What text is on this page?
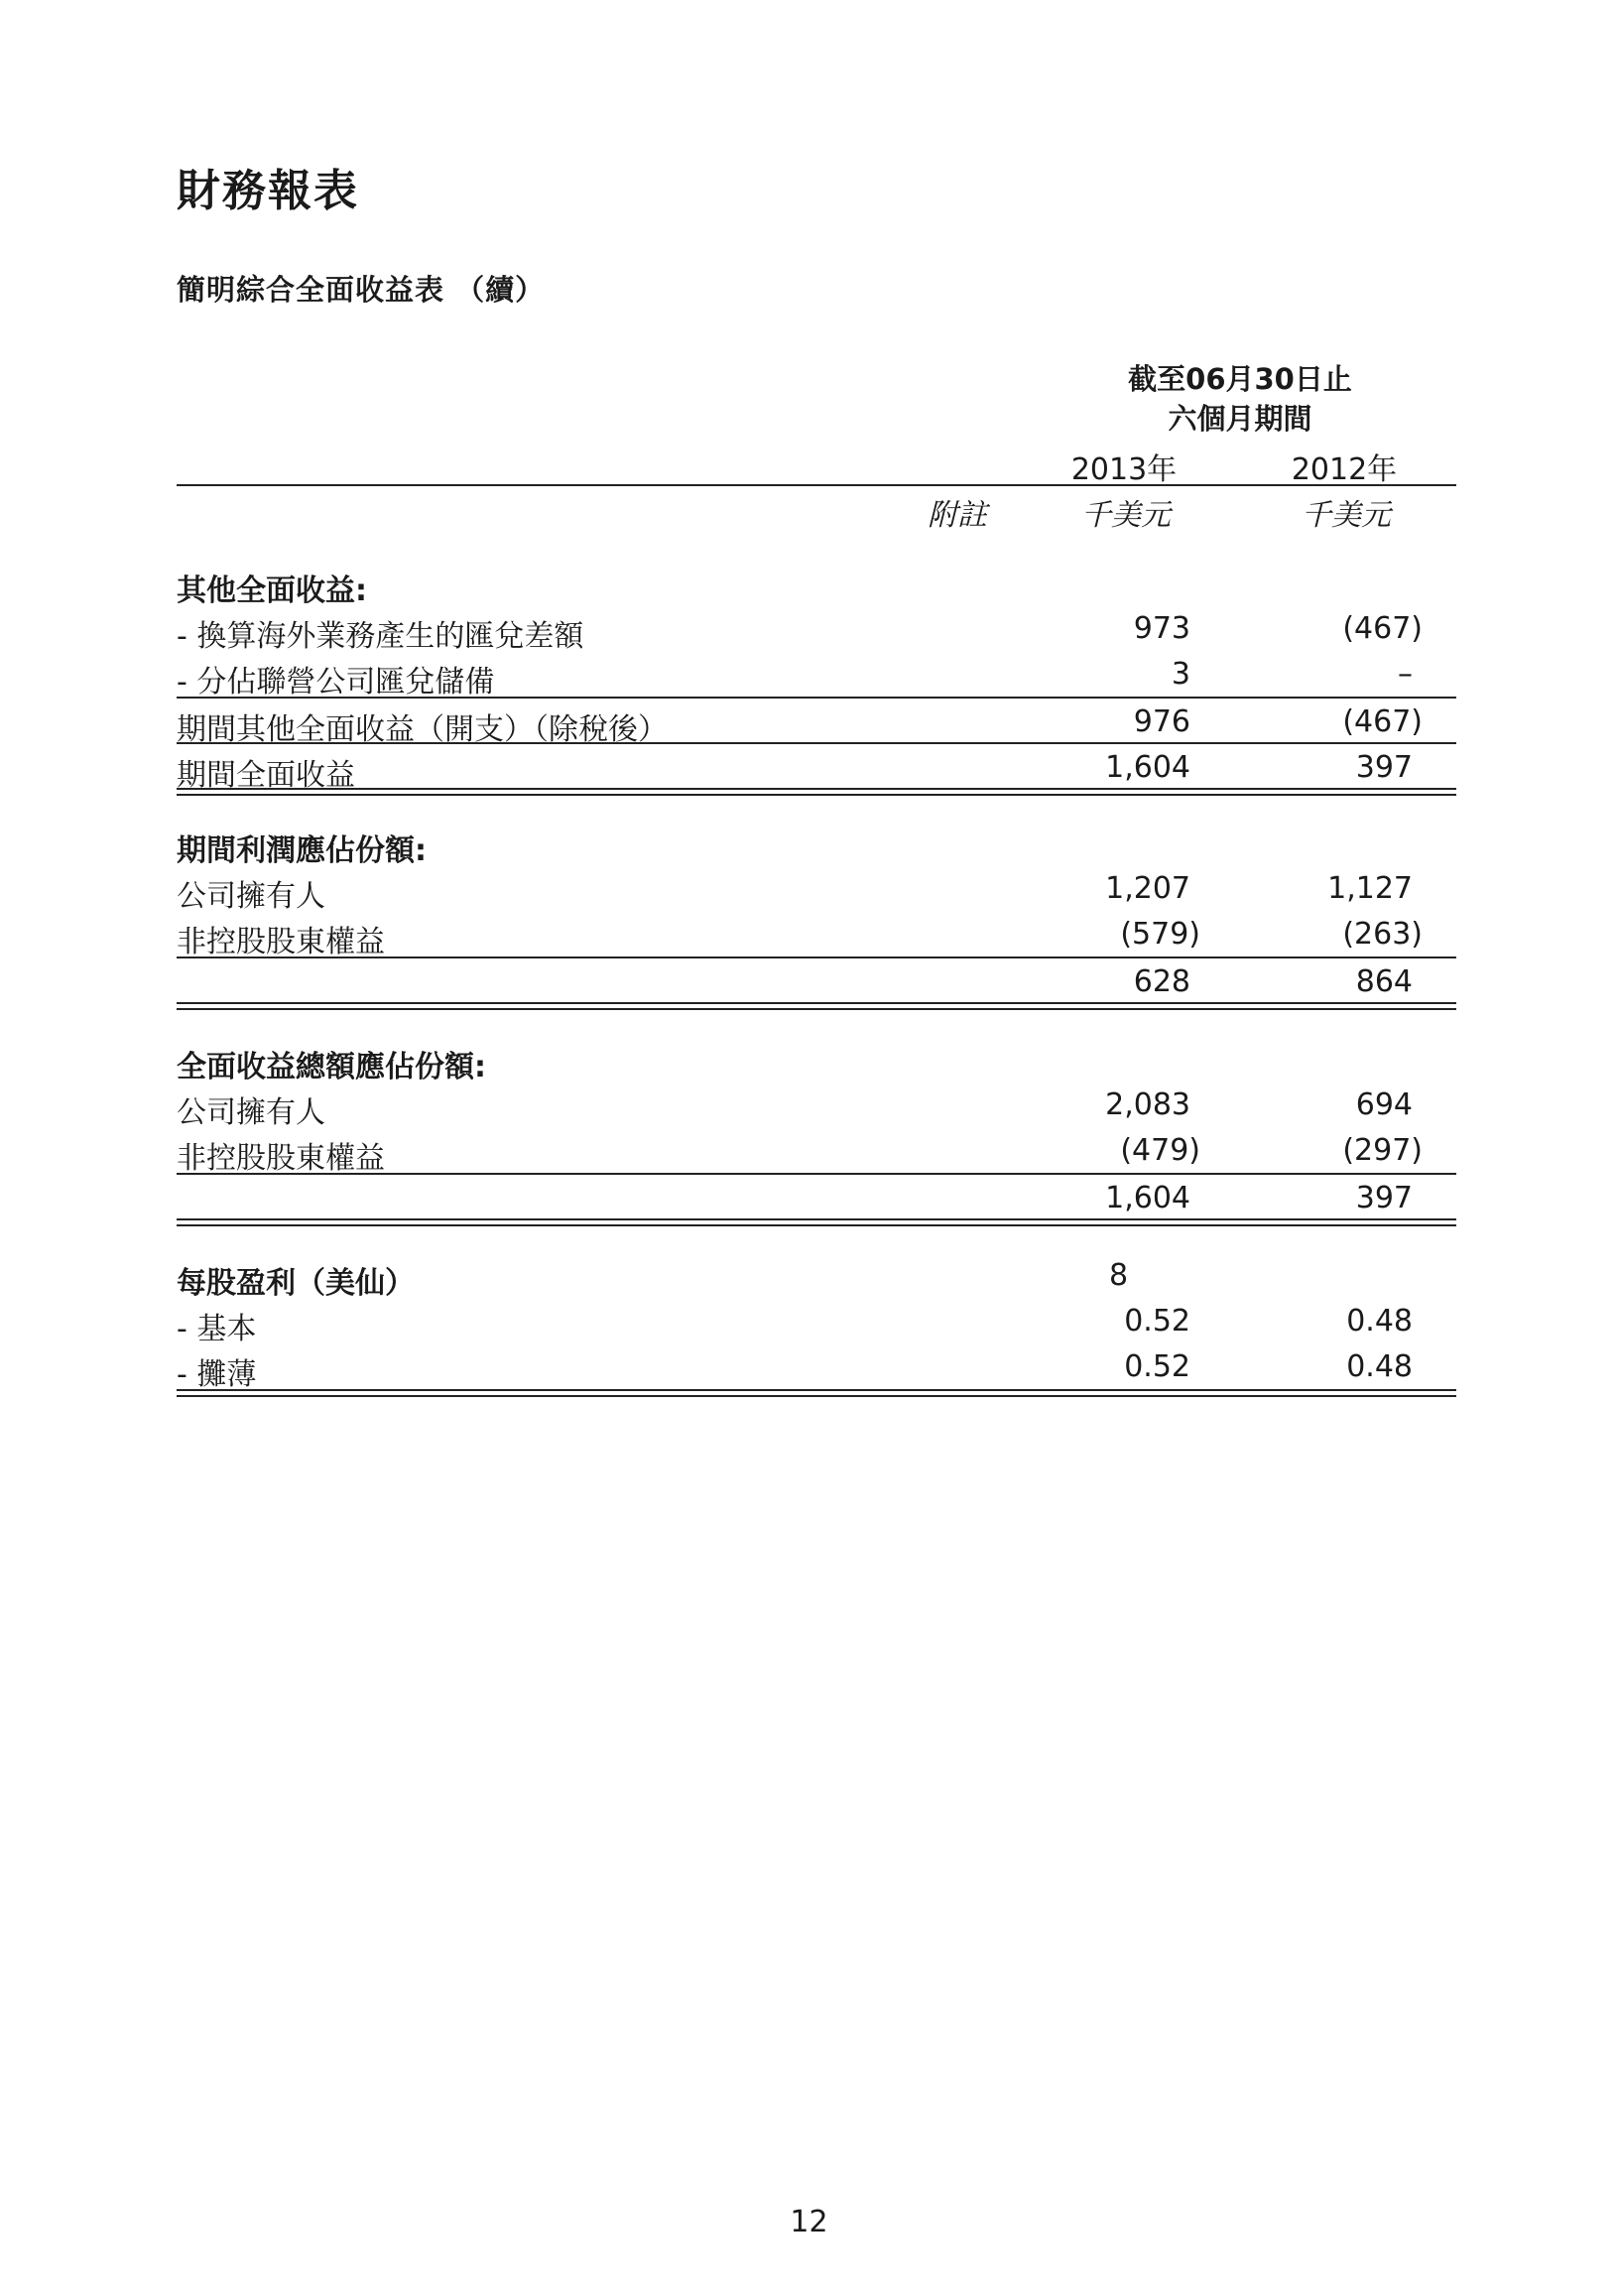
財務報表
簡明綜合全面收益表 （續）
截至06月30日止
六個月期間
2013年	2012年
附註	千美元	千美元
其他全面收益:
- 換算海外業務產生的匯兌差額	973	(467)
- 分佔聯營公司匯兌儲備	3	–
期間其他全面收益（開支）（除稅後）	976	(467)
期間全面收益	1,604	397
期間利潤應佔份額:
公司擁有人	1,207	1,127
非控股股東權益	(579)	(263)
628	864
全面收益總額應佔份額:
公司擁有人	2,083	694
非控股股東權益	(479)	(297)
1,604	397
每股盈利（美仙）	8
- 基本	0.52	0.48
- 攤薄	0.52	0.48
12
